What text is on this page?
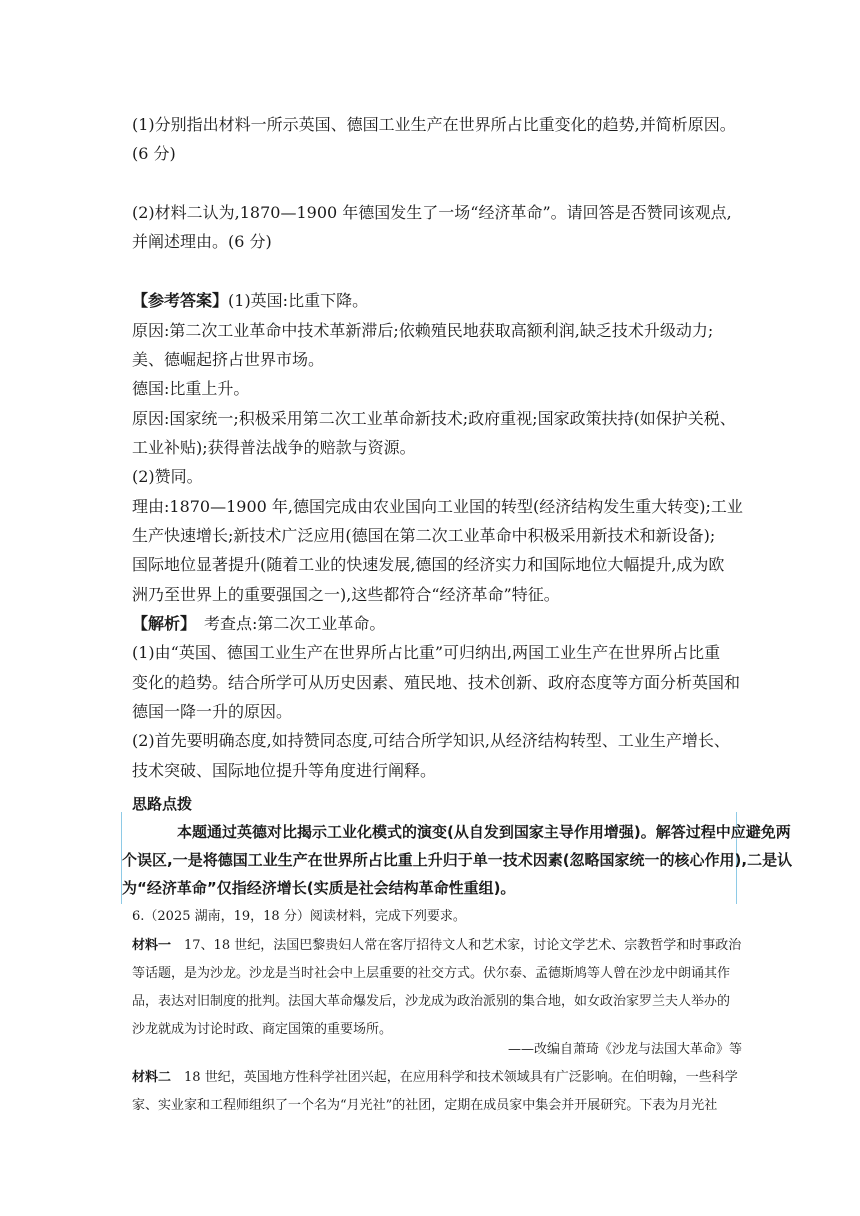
(1)分别指出材料一所示英国、德国工业生产在世界所占比重变化的趋势,并简析原因。

(6 分)

(2)材料二认为,1870—1900 年德国发生了一场“经济革命”。请回答是否赞同该观点,

并阐述理由。(6 分)

【参考答案】(1)英国:比重下降。

原因:第二次工业革命中技术革新滞后;依赖殖民地获取高额利润,缺乏技术升级动力;

美、德崛起挤占世界市场。

德国:比重上升。

原因:国家统一;积极采用第二次工业革命新技术;政府重视;国家政策扶持(如保护关税、

工业补贴);获得普法战争的赔款与资源。

(2)赞同。

理由:1870—1900 年,德国完成由农业国向工业国的转型(经济结构发生重大转变);工业

生产快速增长;新技术广泛应用(德国在第二次工业革命中积极采用新技术和新设备);

国际地位显著提升(随着工业的快速发展,德国的经济实力和国际地位大幅提升,成为欧

洲乃至世界上的重要强国之一),这些都符合“经济革命”特征。

【解析】　考查点:第二次工业革命。

(1)由“英国、德国工业生产在世界所占比重”可归纳出,两国工业生产在世界所占比重

变化的趋势。结合所学可从历史因素、殖民地、技术创新、政府态度等方面分析英国和

德国一降一升的原因。

(2)首先要明确态度,如持赞同态度,可结合所学知识,从经济结构转型、工业生产增长、

技术突破、国际地位提升等角度进行阐释。

思路点拨
本题通过英德对比揭示工业化模式的演变(从自发到国家主导作用增强)。解答过程中应避免两
个误区,一是将德国工业生产在世界所占比重上升归于单一技术因素(忽略国家统一的核心作用),二是认
为“经济革命”仅指经济增长(实质是社会结构革命性重组)。

6.（2025 湖南，19，18 分）阅读材料，完成下列要求。

材料一　17、18 世纪，法国巴黎贵妇人常在客厅招待文人和艺术家，讨论文学艺术、宗教哲学和时事政治

等话题，是为沙龙。沙龙是当时社会中上层重要的社交方式。伏尔泰、孟德斯鸠等人曾在沙龙中朗诵其作

品，表达对旧制度的批判。法国大革命爆发后，沙龙成为政治派别的集合地，如女政治家罗兰夫人举办的

沙龙就成为讨论时政、商定国策的重要场所。

——改编自萧琦《沙龙与法国大革命》等

材料二　18 世纪，英国地方性科学社团兴起，在应用科学和技术领域具有广泛影响。在伯明翰，一些科学

家、实业家和工程师组织了一个名为“月光社”的社团，定期在成员家中集会并开展研究。下表为月光社
